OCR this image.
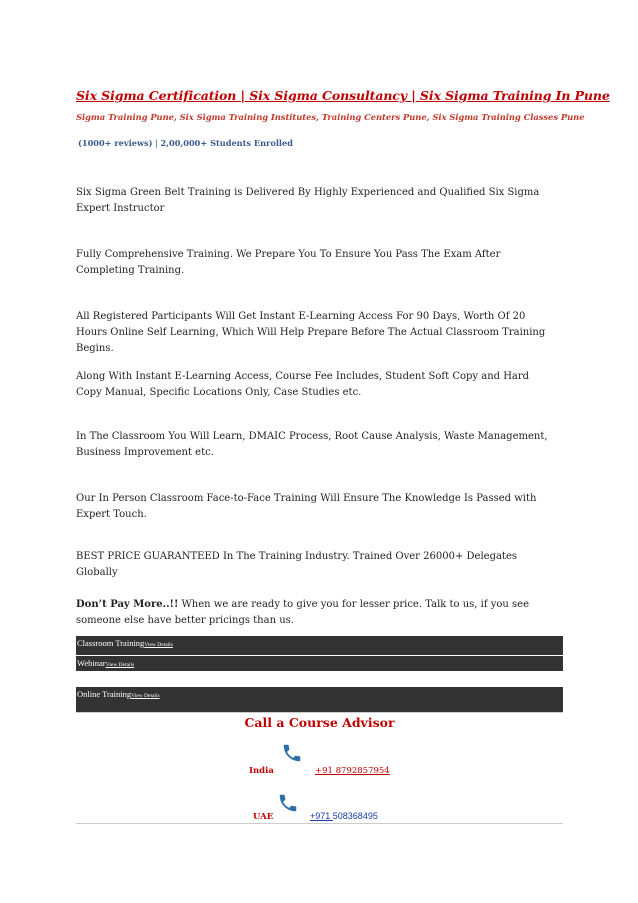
Six Sigma Certification | Six Sigma Consultancy | Six Sigma Training In Pune
Sigma Training Pune, Six Sigma Training Institutes, Training Centers Pune, Six Sigma Training Classes Pune
(1000+ reviews) | 2,00,000+ Students Enrolled
Six Sigma Green Belt Training is Delivered By Highly Experienced and Qualified Six Sigma Expert Instructor
Fully Comprehensive Training. We Prepare You To Ensure You Pass The Exam After Completing Training.
All Registered Participants Will Get Instant E-Learning Access For 90 Days, Worth Of 20 Hours Online Self Learning, Which Will Help Prepare Before The Actual Classroom Training Begins.
Along With Instant E-Learning Access, Course Fee Includes, Student Soft Copy and Hard Copy Manual, Specific Locations Only, Case Studies etc.
In The Classroom You Will Learn, DMAIC Process, Root Cause Analysis, Waste Management, Business Improvement etc.
Our In Person Classroom Face-to-Face Training Will Ensure The Knowledge Is Passed with Expert Touch.
BEST PRICE GUARANTEED In The Training Industry. Trained Over 26000+ Delegates Globally
Don’t Pay More..!! When we are ready to give you for lesser price. Talk to us, if you see someone else have better pricings than us.
Classroom TrainingView Details
WebinarView Details
Online TrainingView Details
Call a Course Advisor
India	+91 8792857954
UAE	+971 508368495
